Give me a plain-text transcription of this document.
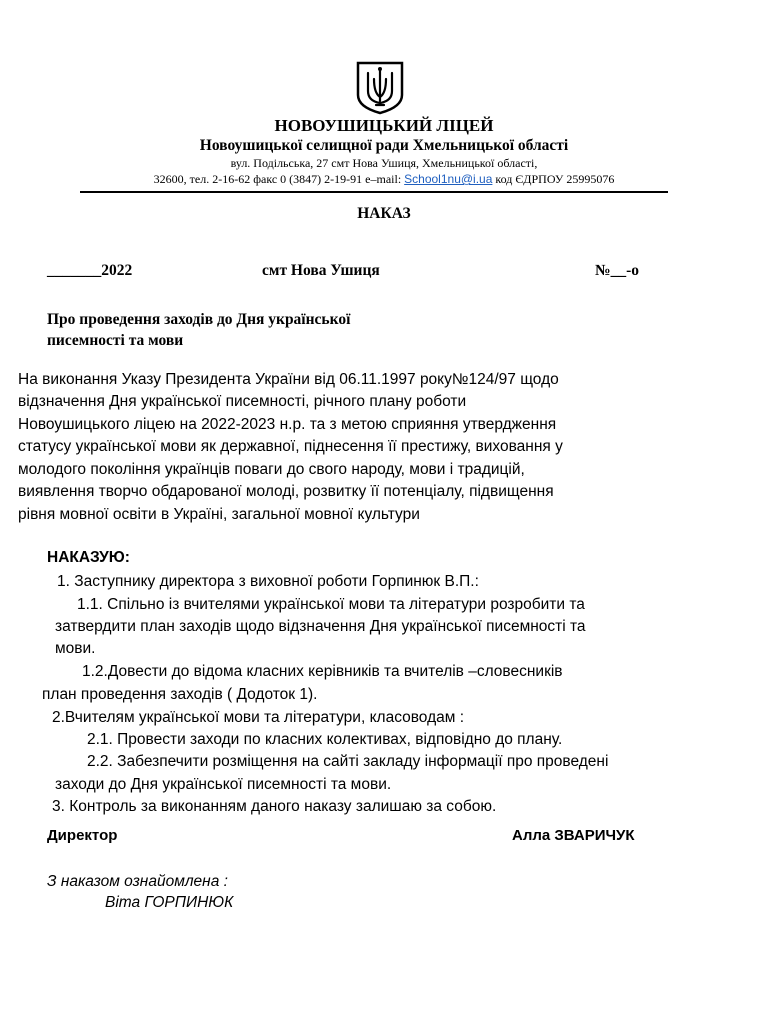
НОВОУШИЦЬКИЙ ЛІЦЕЙ
Новоушицької селищної ради Хмельницької області
вул. Подільська, 27 смт Нова Ушиця, Хмельницької області,
32600, тел. 2-16-62 факс 0 (3847) 2-19-91 e–mail: School1nu@i.ua код ЄДРПОУ 25995076
НАКАЗ
_______2022	смт Нова Ушиця	№__-о
Про проведення заходів до Дня української
писемності та мови
На виконання Указу Президента України від 06.11.1997 року№124/97 щодо
відзначення Дня української писемності, річного плану роботи
Новоушицького ліцею на 2022-2023 н.р. та з метою сприяння утвердження
статусу української мови як державної, піднесення її престижу, виховання у
молодого покоління українців поваги до свого народу, мови і традицій,
виявлення творчо обдарованої молоді, розвитку її потенціалу, підвищення
рівня мовної освіти в Україні, загальної мовної культури
НАКАЗУЮ:
1. Заступнику директора з виховної роботи Горпинюк В.П.:
1.1. Спільно із вчителями української мови та літератури розробити та
затвердити план заходів щодо відзначення Дня української писемності та
мови.
1.2.Довести до відома класних керівників та вчителів –словесників
план проведення заходів ( Додоток 1).
2.Вчителям української мови та літератури, класоводам :
2.1. Провести заходи по класних колективах, відповідно до плану.
2.2. Забезпечити розміщення на сайті закладу інформації про проведені
заходи до Дня української писемності та мови.
3. Контроль за виконанням даного наказу залишаю за собою.
Директор	Алла ЗВАРИЧУК
З наказом ознайомлена :
Віта ГОРПИНЮК
